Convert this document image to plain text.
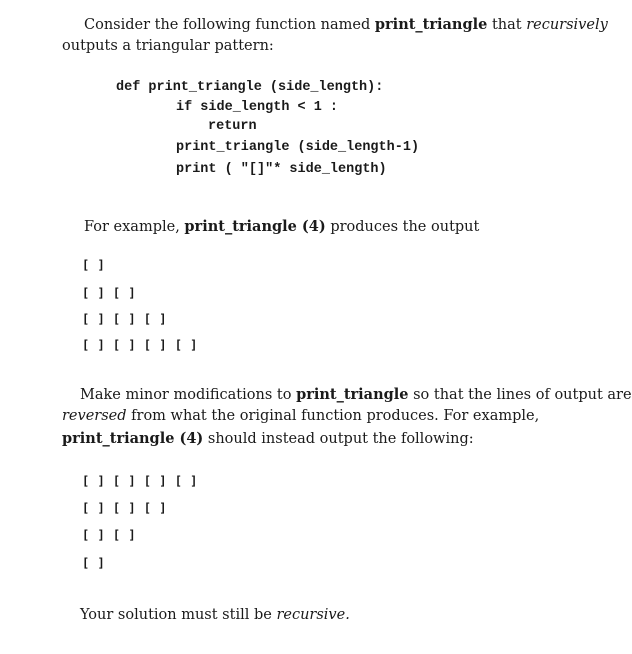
Consider the following function named print_triangle that recursively

outputs a triangular pattern:

def print_triangle (side_length):

if side_length < 1 :

return

print_triangle (side_length-1)

print ( "[]"* side_length)

For example, print_triangle (4) produces the output

[ ]

[ ] [ ]

[ ] [ ] [ ]

[ ] [ ] [ ] [ ]

Make minor modifications to print_triangle so that the lines of output are

reversed from what the original function produces. For example,

print_triangle (4) should instead output the following:

[ ] [ ] [ ] [ ]

[ ] [ ] [ ]

[ ] [ ]

[ ]

Your solution must still be recursive.
